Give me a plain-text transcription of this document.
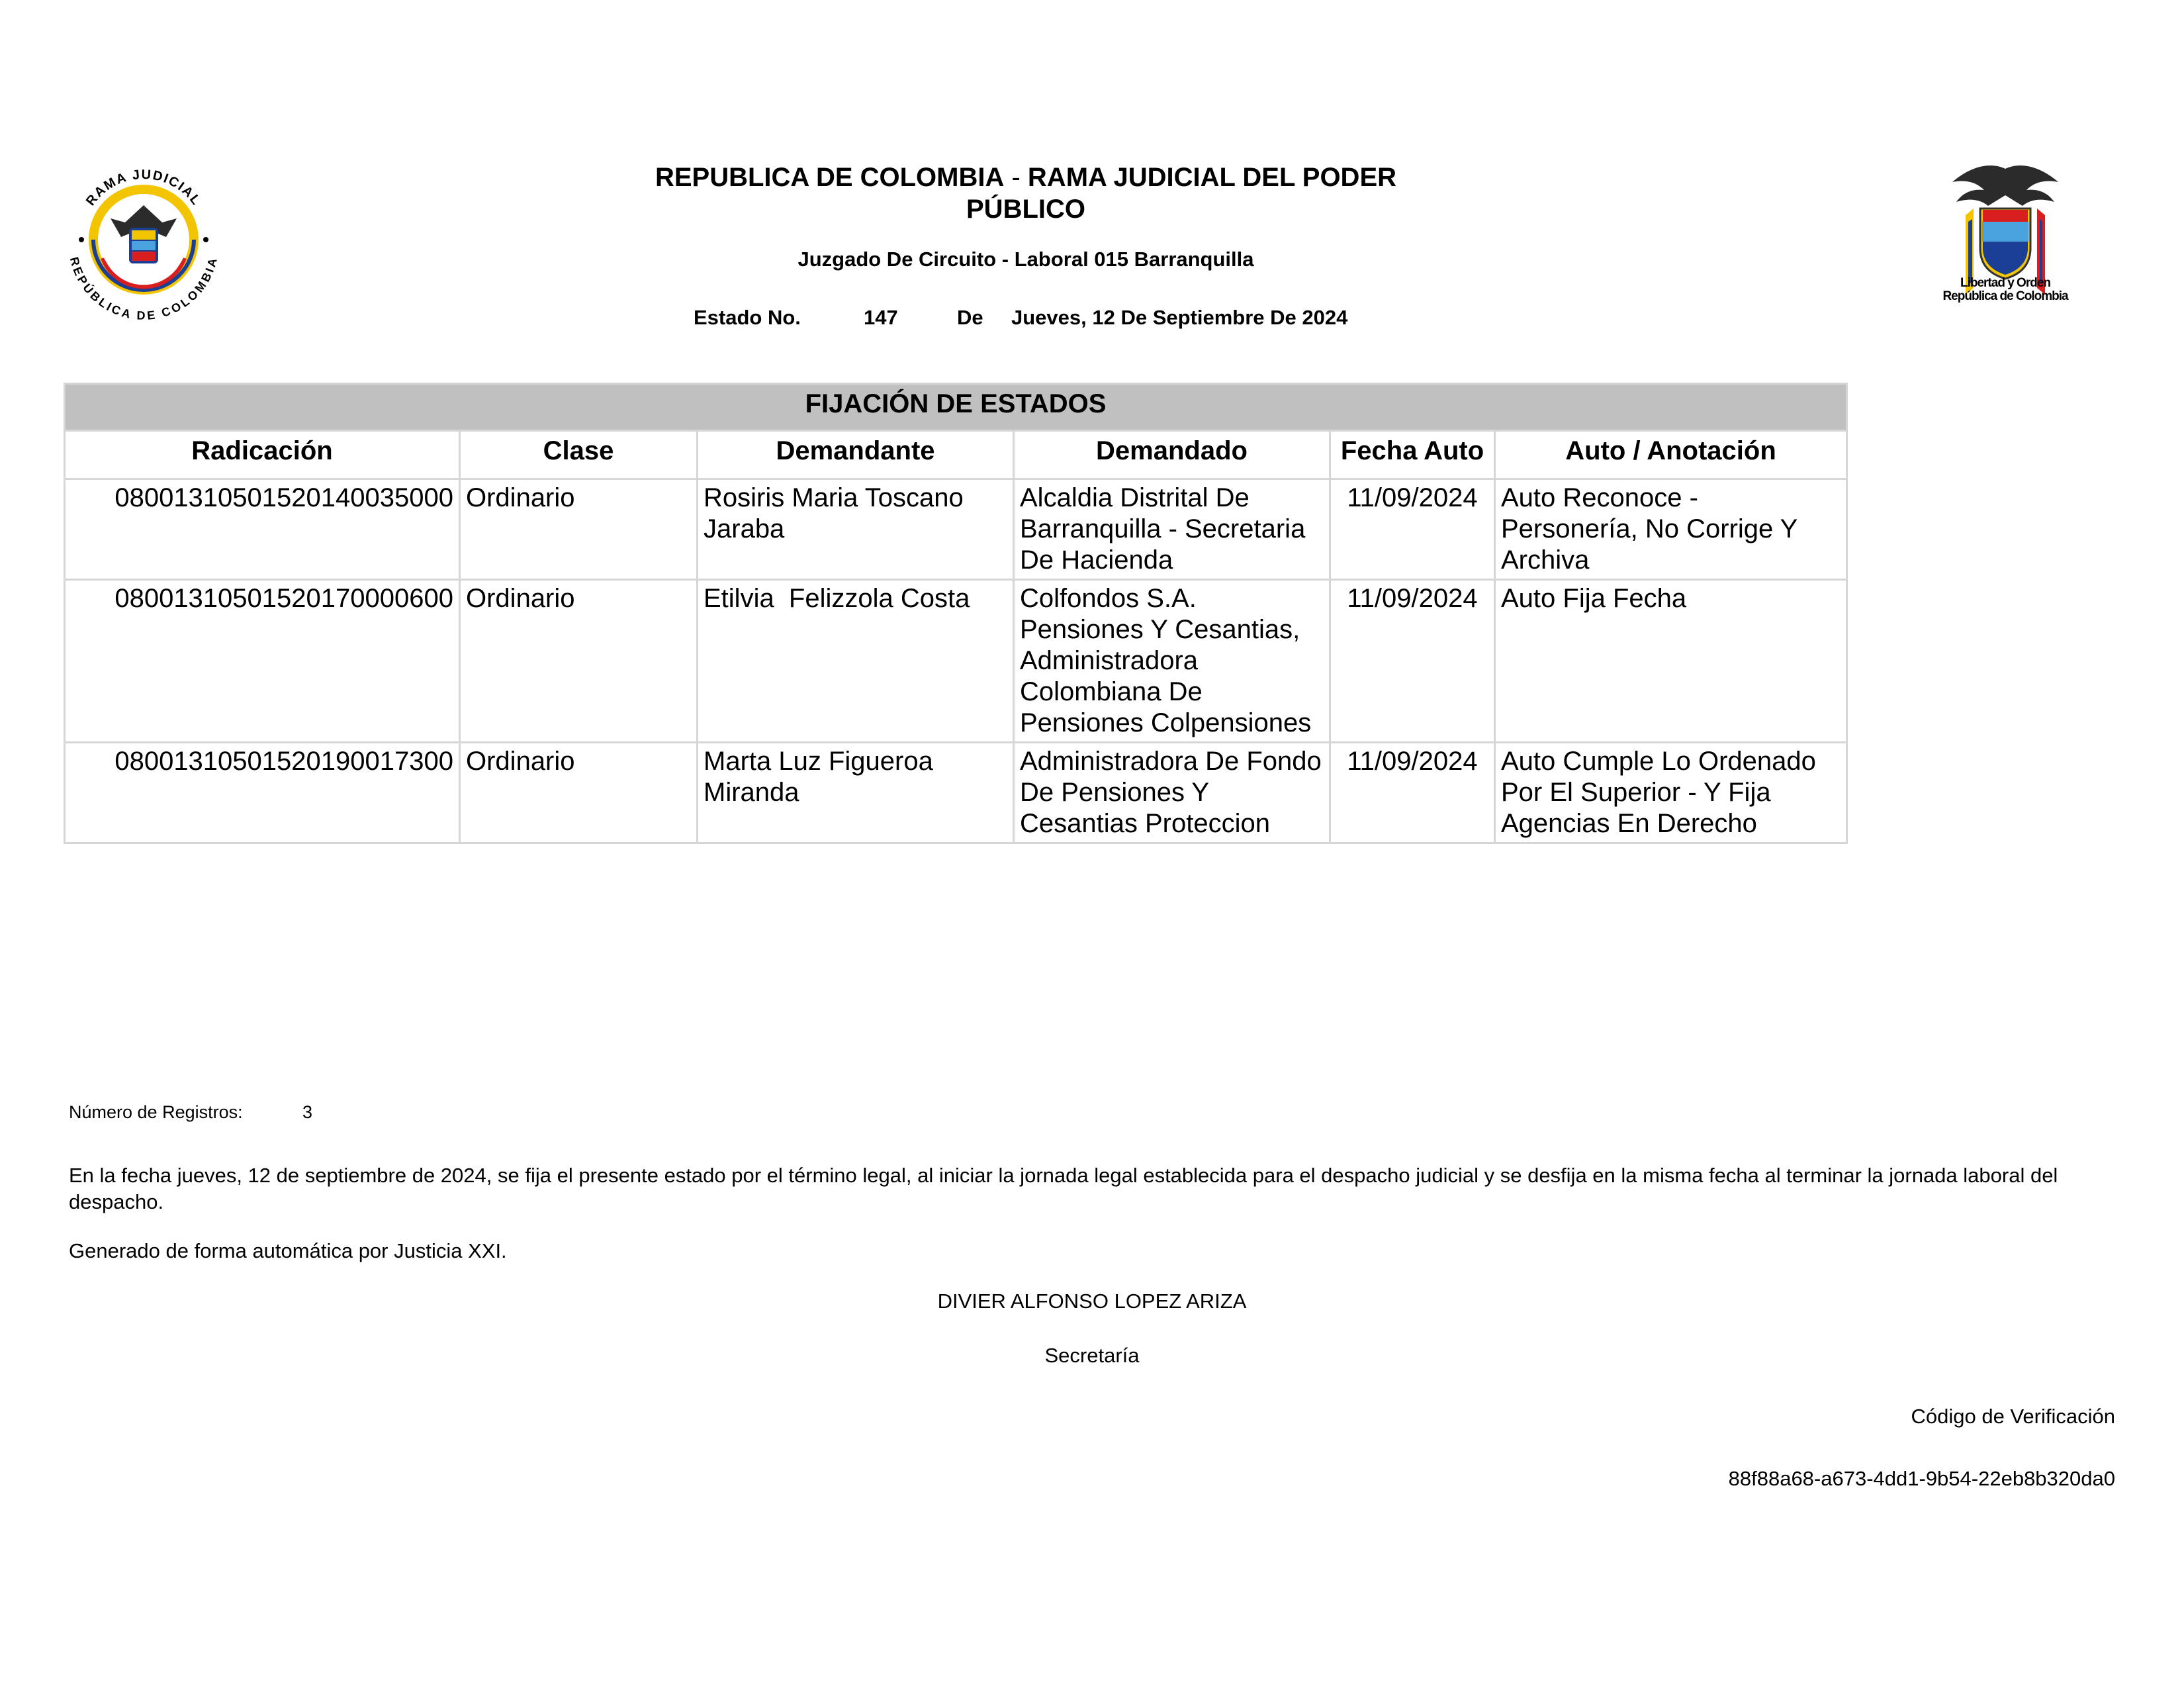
RAMA JUDICIAL
REPÚBLICA DE COLOMBIA
REPUBLICA DE COLOMBIA - RAMA JUDICIAL DEL PODER
PÚBLICO
Juzgado De Circuito - Laboral 015 Barranquilla
Estado No.	147	De Jueves, 12 De Septiembre De 2024
Libertad y Orden
República de Colombia
FIJACIÓN DE ESTADOS					
Radicación	Clase	Demandante	Demandado	Fecha Auto	Auto / Anotación
08001310501520140035000	Ordinario	Rosiris Maria Toscano Jaraba	Alcaldia Distrital De Barranquilla - Secretaria De Hacienda	11/09/2024	Auto Reconoce - Personería, No Corrige Y Archiva
08001310501520170000600	Ordinario	Etilvia  Felizzola Costa	Colfondos S.A. Pensiones Y Cesantias, Administradora Colombiana De Pensiones Colpensiones	11/09/2024	Auto Fija Fecha
08001310501520190017300	Ordinario	Marta Luz Figueroa Miranda	Administradora De Fondo De Pensiones Y Cesantias Proteccion	11/09/2024	Auto Cumple Lo Ordenado Por El Superior - Y Fija Agencias En Derecho
Número de Registros:	3
En la fecha jueves, 12 de septiembre de 2024, se fija el presente estado por el término legal, al iniciar la jornada legal establecida para el despacho judicial y se desfija en la misma fecha al terminar la jornada laboral del despacho.
Generado de forma automática por Justicia XXI.
DIVIER ALFONSO LOPEZ ARIZA
Secretaría
Código de Verificación
88f88a68-a673-4dd1-9b54-22eb8b320da0
